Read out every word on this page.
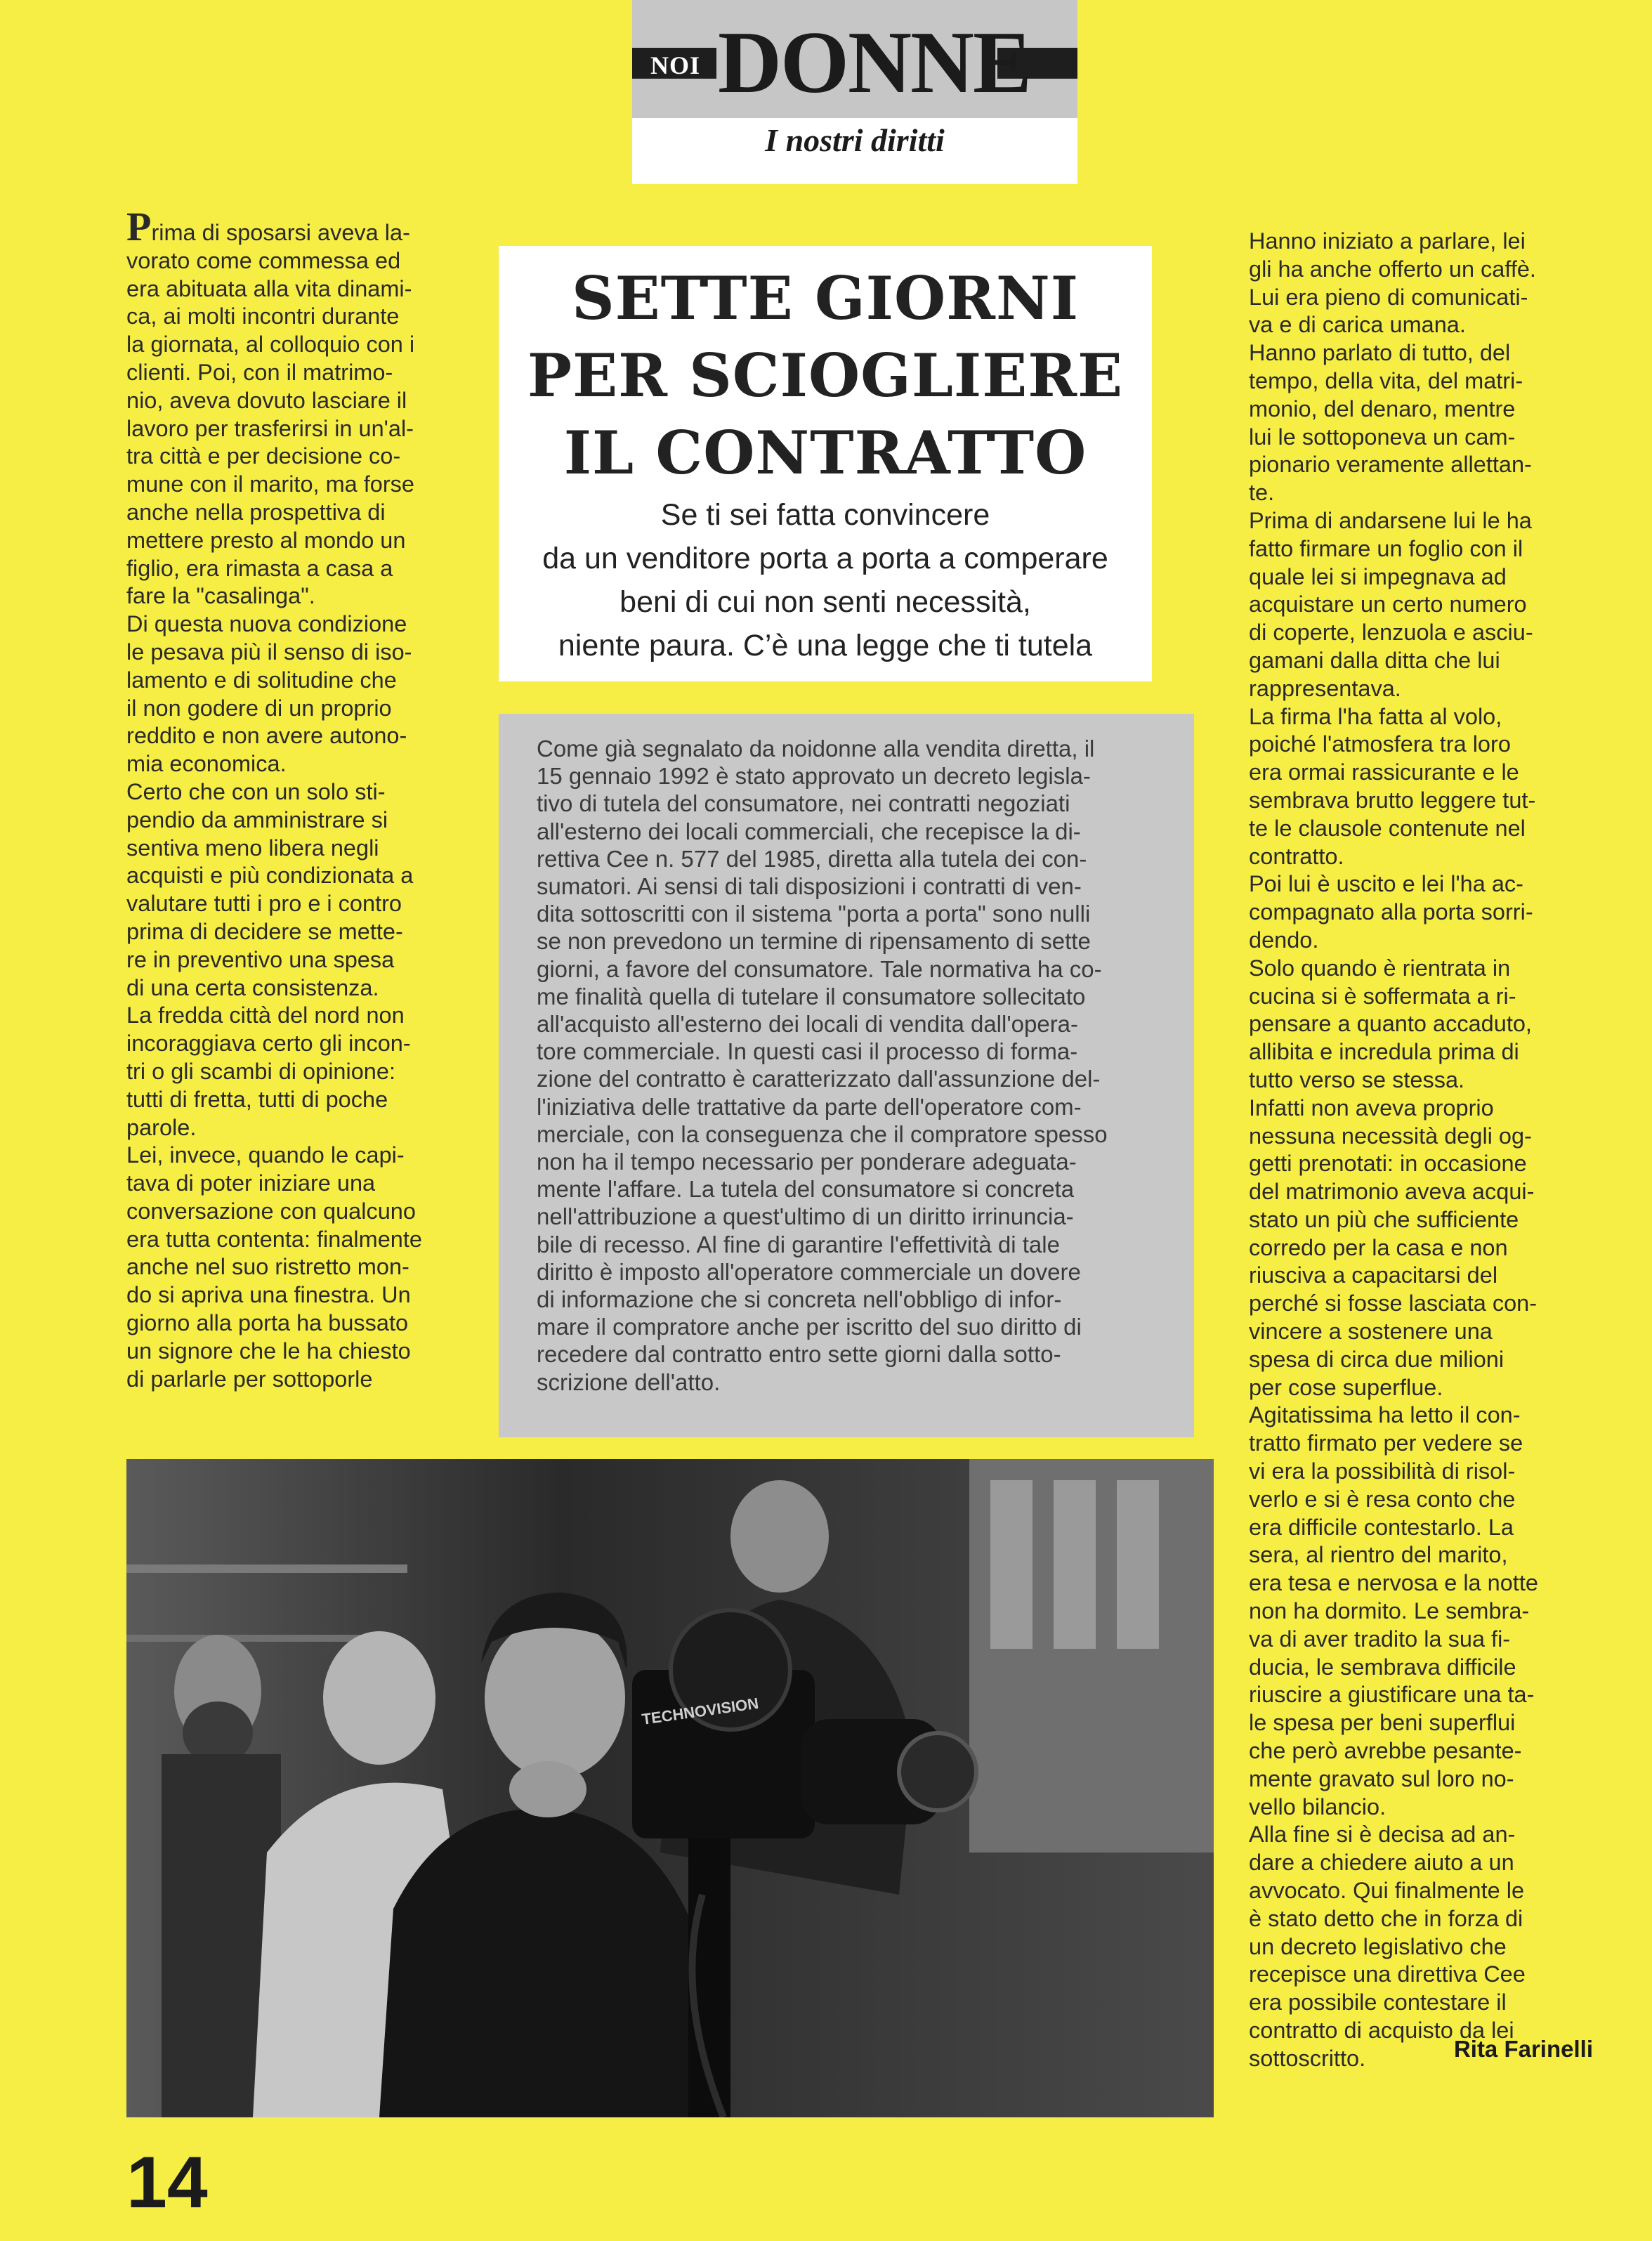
NOI DONNE
I nostri diritti
Prima di sposarsi aveva la-
vorato come commessa ed
era abituata alla vita dinami-
ca, ai molti incontri durante
la giornata, al colloquio con i
clienti. Poi, con il matrimo-
nio, aveva dovuto lasciare il
lavoro per trasferirsi in un'al-
tra città e per decisione co-
mune con il marito, ma forse
anche nella prospettiva di
mettere presto al mondo un
figlio, era rimasta a casa a
fare la "casalinga".
Di questa nuova condizione
le pesava più il senso di iso-
lamento e di solitudine che
il non godere di un proprio
reddito e non avere autono-
mia economica.
Certo che con un solo sti-
pendio da amministrare si
sentiva meno libera negli
acquisti e più condizionata a
valutare tutti i pro e i contro
prima di decidere se mette-
re in preventivo una spesa
di una certa consistenza.
La fredda città del nord non
incoraggiava certo gli incon-
tri o gli scambi di opinione:
tutti di fretta, tutti di poche
parole.
Lei, invece, quando le capi-
tava di poter iniziare una
conversazione con qualcuno
era tutta contenta: finalmente
anche nel suo ristretto mon-
do si apriva una finestra. Un
giorno alla porta ha bussato
un signore che le ha chiesto
di parlarle per sottoporle
SETTE GIORNI
PER SCIOGLIERE
IL CONTRATTO
Se ti sei fatta convincere
da un venditore porta a porta a comperare
beni di cui non senti necessità,
niente paura. C’è una legge che ti tutela
Come già segnalato da noidonne alla vendita diretta, il
15 gennaio 1992 è stato approvato un decreto legisla-
tivo di tutela del consumatore, nei contratti negoziati
all'esterno dei locali commerciali, che recepisce la di-
rettiva Cee n. 577 del 1985, diretta alla tutela dei con-
sumatori. Ai sensi di tali disposizioni i contratti di ven-
dita sottoscritti con il sistema "porta a porta" sono nulli
se non prevedono un termine di ripensamento di sette
giorni, a favore del consumatore. Tale normativa ha co-
me finalità quella di tutelare il consumatore sollecitato
all'acquisto all'esterno dei locali di vendita dall'opera-
tore commerciale. In questi casi il processo di forma-
zione del contratto è caratterizzato dall'assunzione del-
l'iniziativa delle trattative da parte dell'operatore com-
merciale, con la conseguenza che il compratore spesso
non ha il tempo necessario per ponderare adeguata-
mente l'affare. La tutela del consumatore si concreta
nell'attribuzione a quest'ultimo di un diritto irrinuncia-
bile di recesso. Al fine di garantire l'effettività di tale
diritto è imposto all'operatore commerciale un dovere
di informazione che si concreta nell'obbligo di infor-
mare il compratore anche per iscritto del suo diritto di
recedere dal contratto entro sette giorni dalla sotto-
scrizione dell'atto.
Hanno iniziato a parlare, lei
gli ha anche offerto un caffè.
Lui era pieno di comunicati-
va e di carica umana.
Hanno parlato di tutto, del
tempo, della vita, del matri-
monio, del denaro, mentre
lui le sottoponeva un cam-
pionario veramente allettan-
te.
Prima di andarsene lui le ha
fatto firmare un foglio con il
quale lei si impegnava ad
acquistare un certo numero
di coperte, lenzuola e asciu-
gamani dalla ditta che lui
rappresentava.
La firma l'ha fatta al volo,
poiché l'atmosfera tra loro
era ormai rassicurante e le
sembrava brutto leggere tut-
te le clausole contenute nel
contratto.
Poi lui è uscito e lei l'ha ac-
compagnato alla porta sorri-
dendo.
Solo quando è rientrata in
cucina si è soffermata a ri-
pensare a quanto accaduto,
allibita e incredula prima di
tutto verso se stessa.
Infatti non aveva proprio
nessuna necessità degli og-
getti prenotati: in occasione
del matrimonio aveva acqui-
stato un più che sufficiente
corredo per la casa e non
riusciva a capacitarsi del
perché si fosse lasciata con-
vincere a sostenere una
spesa di circa due milioni
per cose superflue.
Agitatissima ha letto il con-
tratto firmato per vedere se
vi era la possibilità di risol-
verlo e si è resa conto che
era difficile contestarlo. La
sera, al rientro del marito,
era tesa e nervosa e la notte
non ha dormito. Le sembra-
va di aver tradito la sua fi-
ducia, le sembrava difficile
riuscire a giustificare una ta-
le spesa per beni superflui
che però avrebbe pesante-
mente gravato sul loro no-
vello bilancio.
Alla fine si è decisa ad an-
dare a chiedere aiuto a un
avvocato. Qui finalmente le
è stato detto che in forza di
un decreto legislativo che
recepisce una direttiva Cee
era possibile contestare il
contratto di acquisto da lei
sottoscritto.	Rita Farinelli
TECHNOVISION
14
